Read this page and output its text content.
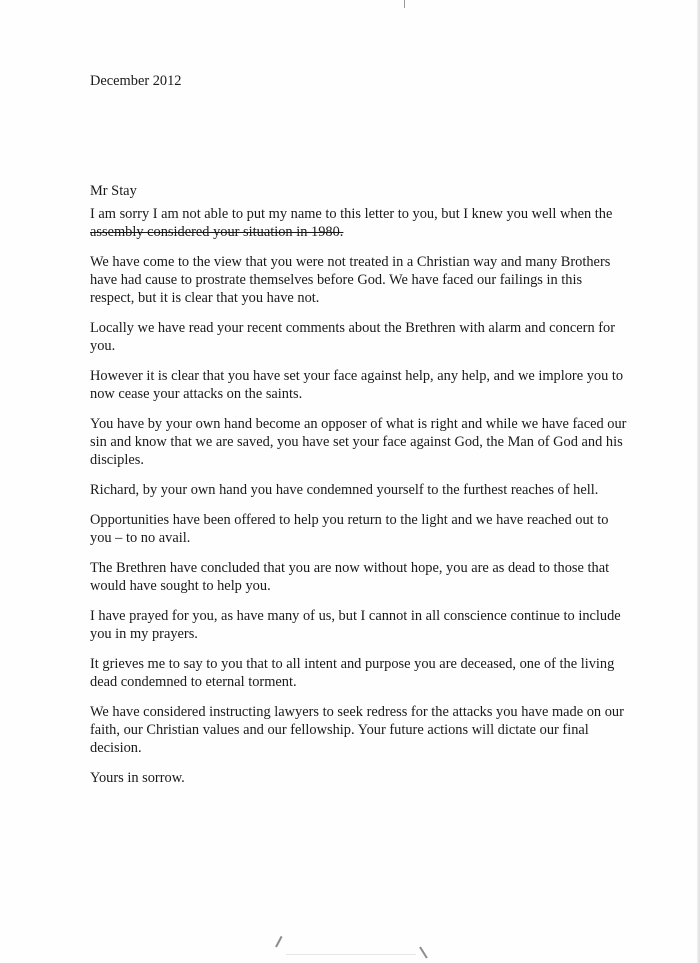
December 2012

Mr Stay

I am sorry I am not able to put my name to this letter to you, but I knew you well when the
assembly considered your situation in 1980.

We have come to the view that you were not treated in a Christian way and many Brothers
have had cause to prostrate themselves before God. We have faced our failings in this
respect, but it is clear that you have not.

Locally we have read your recent comments about the Brethren with alarm and concern for
you.

However it is clear that you have set your face against help, any help, and we implore you to
now cease your attacks on the saints.

You have by your own hand become an opposer of what is right and while we have faced our
sin and know that we are saved, you have set your face against God, the Man of God and his
disciples.

Richard, by your own hand you have condemned yourself to the furthest reaches of hell.

Opportunities have been offered to help you return to the light and we have reached out to
you – to no avail.

The Brethren have concluded that you are now without hope, you are as dead to those that
would have sought to help you.

I have prayed for you, as have many of us, but I cannot in all conscience continue to include
you in my prayers.

It grieves me to say to you that to all intent and purpose you are deceased, one of the living
dead condemned to eternal torment.

We have considered instructing lawyers to seek redress for the attacks you have made on our
faith, our Christian values and our fellowship. Your future actions will dictate our final
decision.

Yours in sorrow.
